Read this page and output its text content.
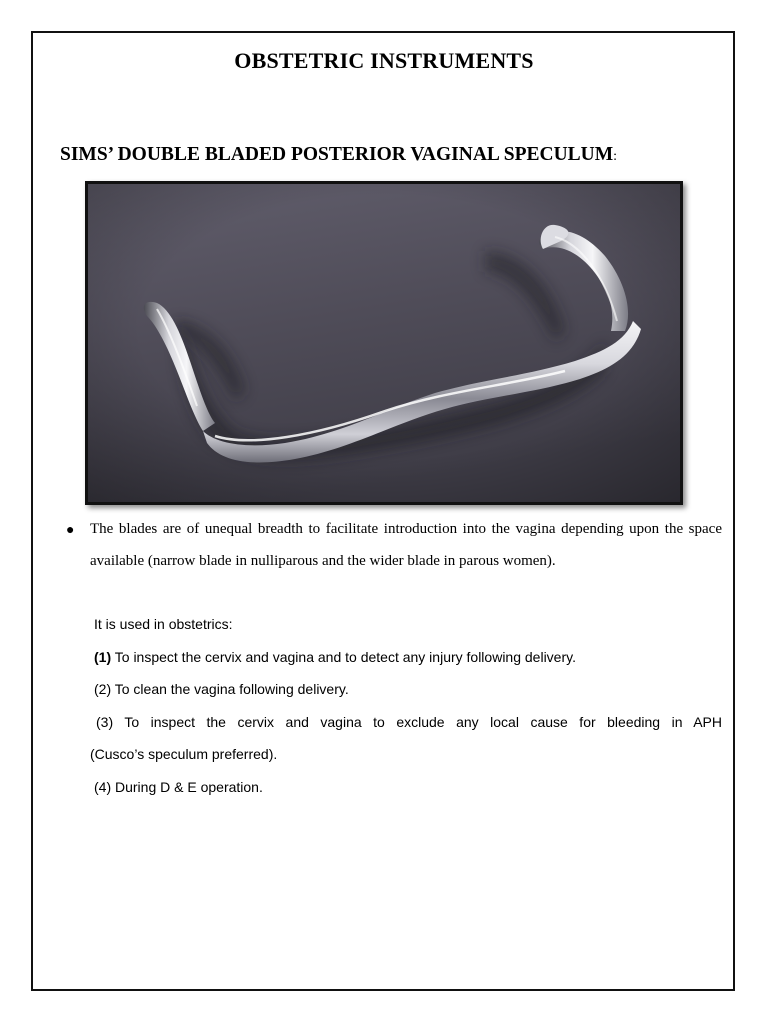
OBSTETRIC INSTRUMENTS
SIMS’ DOUBLE BLADED POSTERIOR VAGINAL SPECULUM:
● The blades are of unequal breadth to facilitate introduction into the vagina depending upon the space available (narrow blade in nulliparous and the wider blade in parous women).

It is used in obstetrics:

(1) To inspect the cervix and vagina and to detect any injury following delivery.

(2) To clean the vagina following delivery.

(3) To inspect the cervix and vagina to exclude any local cause for bleeding in APH

(Cusco’s speculum preferred).

(4) During D & E operation.
